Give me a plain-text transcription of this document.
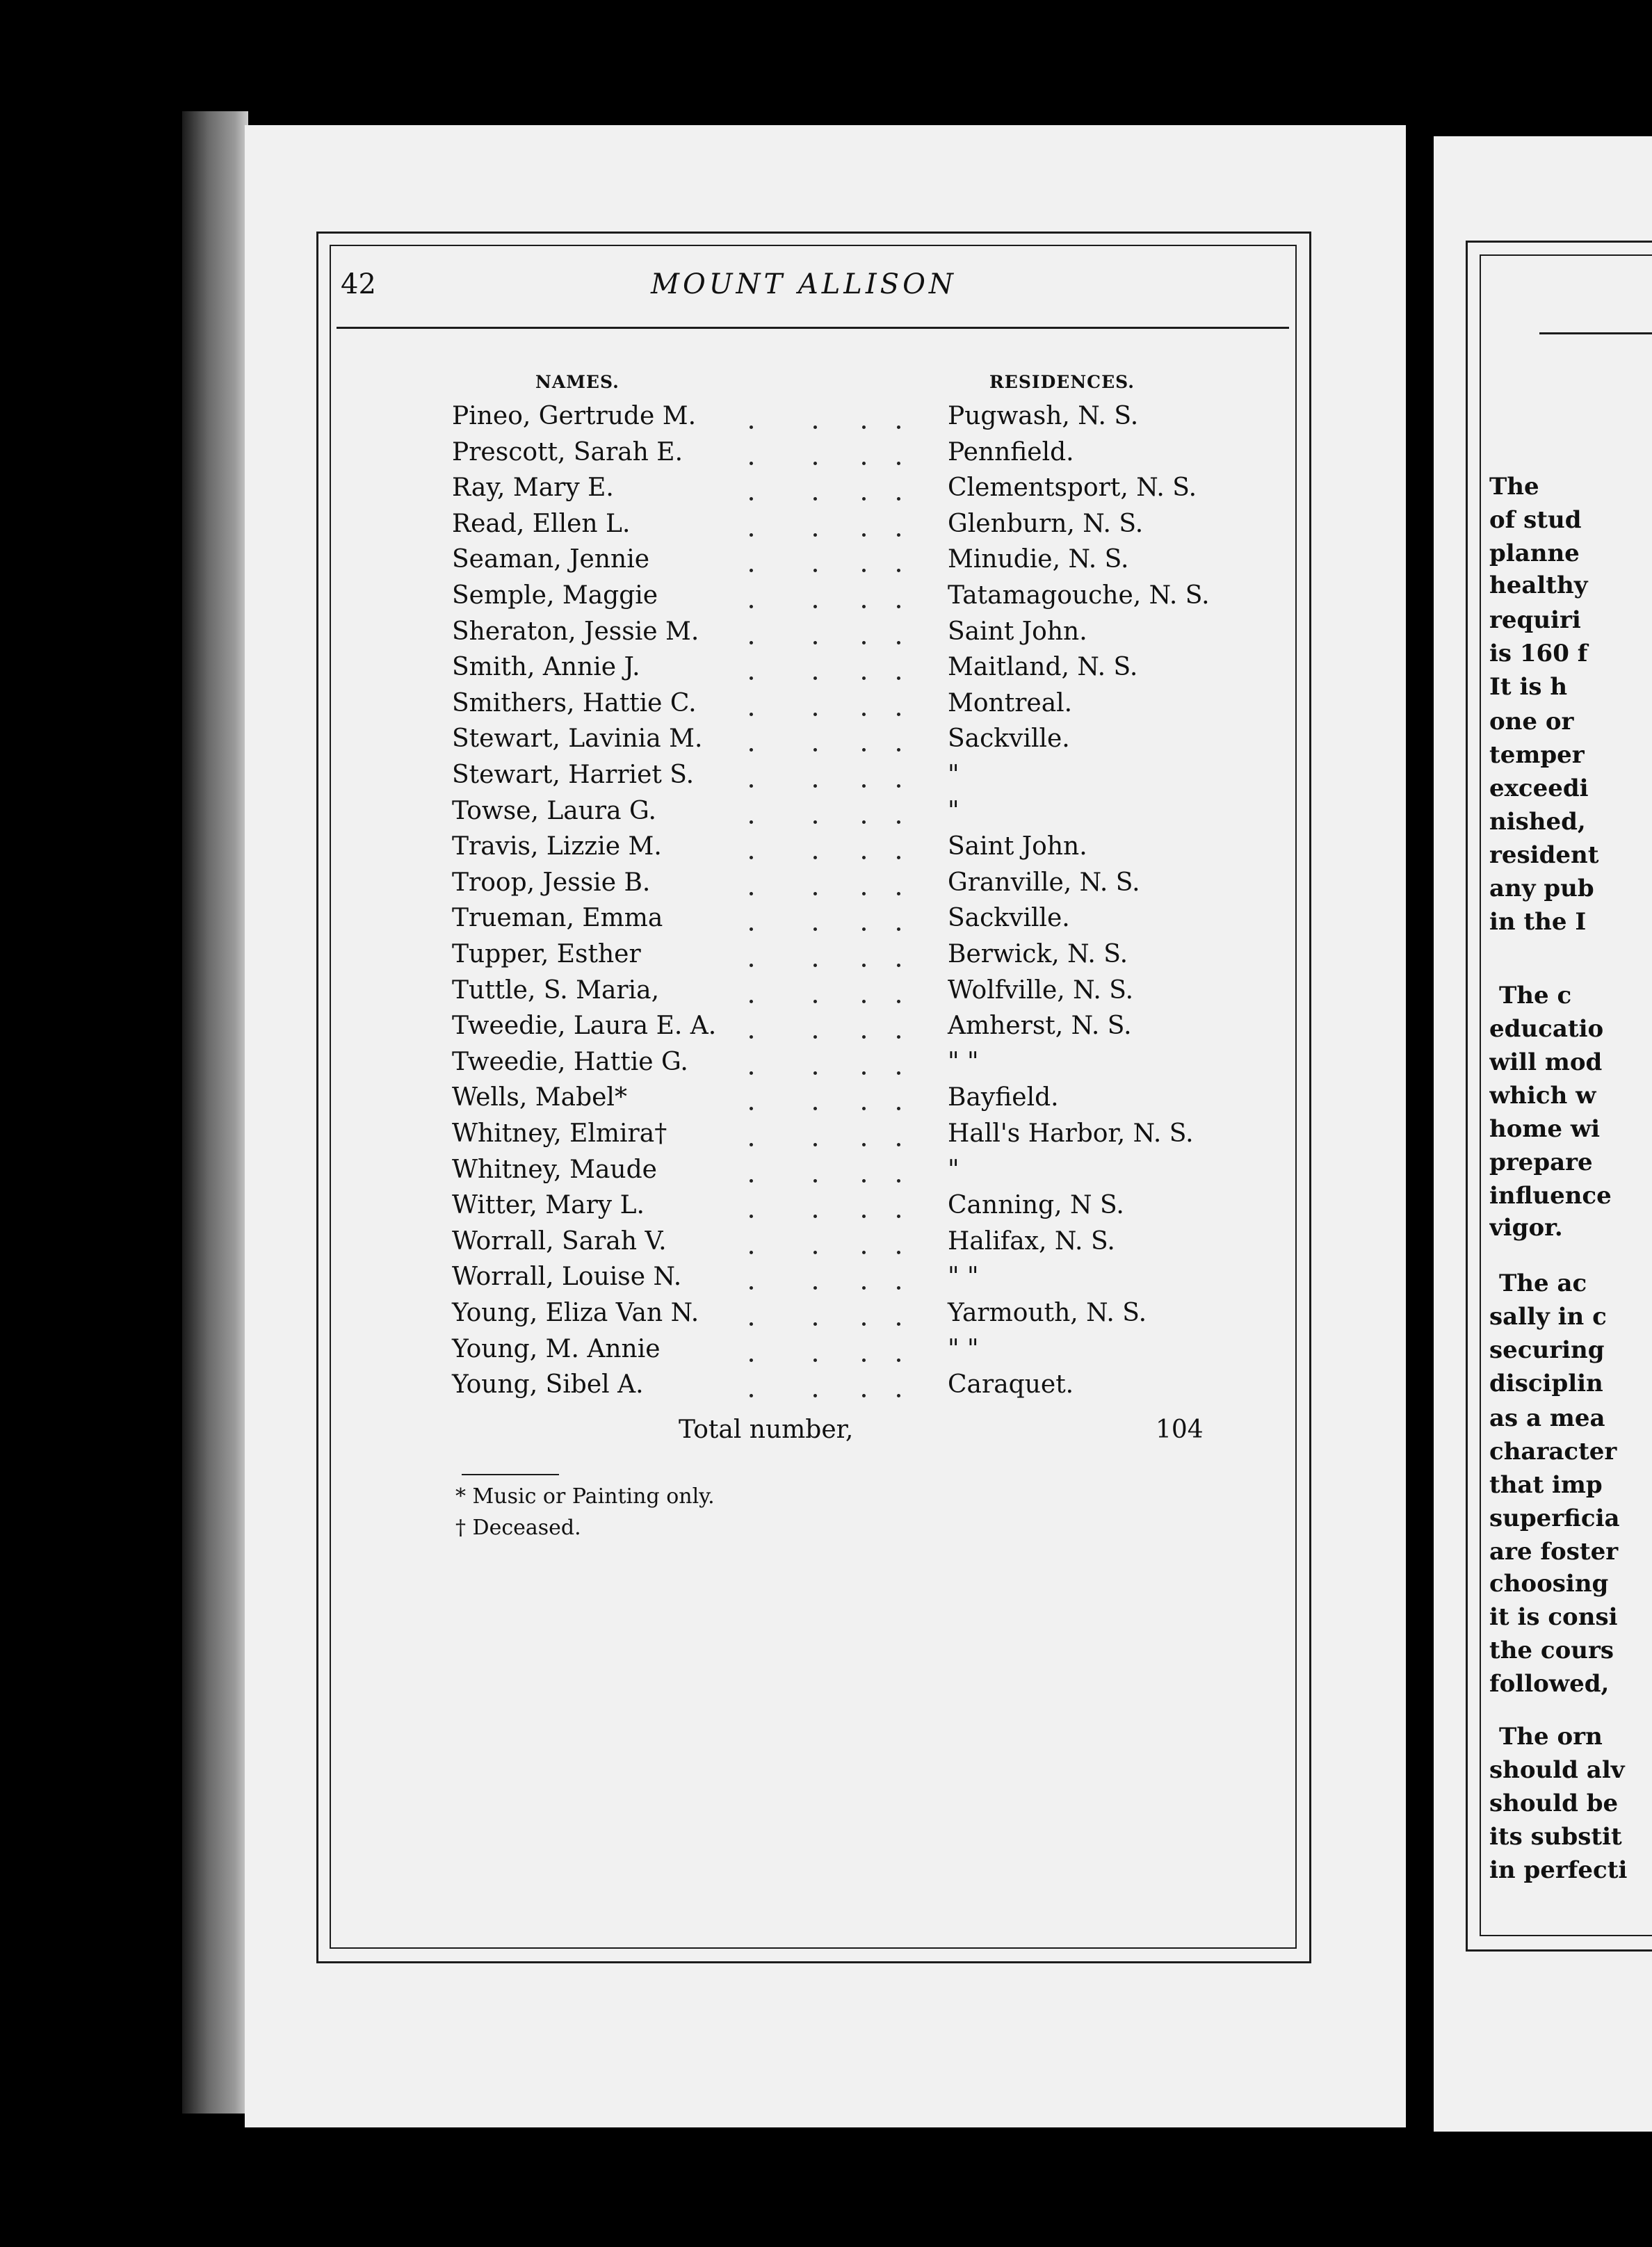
42	MOUNT ALLISON
NAMES.	RESIDENCES.
Pineo, Gertrude M.	Pugwash, N. S.
Prescott, Sarah E.	Pennfield.
Ray, Mary E.	Clementsport, N. S.
Read, Ellen L.	Glenburn, N. S.
Seaman, Jennie	Minudie, N. S.
Semple, Maggie	Tatamagouche, N. S.
Sheraton, Jessie M.	Saint John.
Smith, Annie J.	Maitland, N. S.
Smithers, Hattie C.	Montreal.
Stewart, Lavinia M.	Sackville.
Stewart, Harriet S.	"
Towse, Laura G.	"
Travis, Lizzie M.	Saint John.
Troop, Jessie B.	Granville, N. S.
Trueman, Emma	Sackville.
Tupper, Esther	Berwick, N. S.
Tuttle, S. Maria,	Wolfville, N. S.
Tweedie, Laura E. A.	Amherst, N. S.
Tweedie, Hattie G.	" "
Wells, Mabel*	Bayfield.
Whitney, Elmira†	Hall's Harbor, N. S.
Whitney, Maude	"
Witter, Mary L.	Canning, N S.
Worrall, Sarah V.	Halifax, N. S.
Worrall, Louise N.	" "
Young, Eliza Van N.	Yarmouth, N. S.
Young, M. Annie	" "
Young, Sibel A.	Caraquet.
Total number,	104
* Music or Painting only.
† Deceased.
The
of stud
planne
healthy
requiri
is 160 f
It is h
one or
temper
exceedi
nished,
resident
any pub
in the I
The c
educatio
will mod
which w
home wi
prepare
influence
vigor.
The ac
sally in c
securing
disciplin
as a mea
character
that imp
superficia
are foster
choosing
it is consi
the cours
followed,
The orn
should alv
should be
its substit
in perfecti
